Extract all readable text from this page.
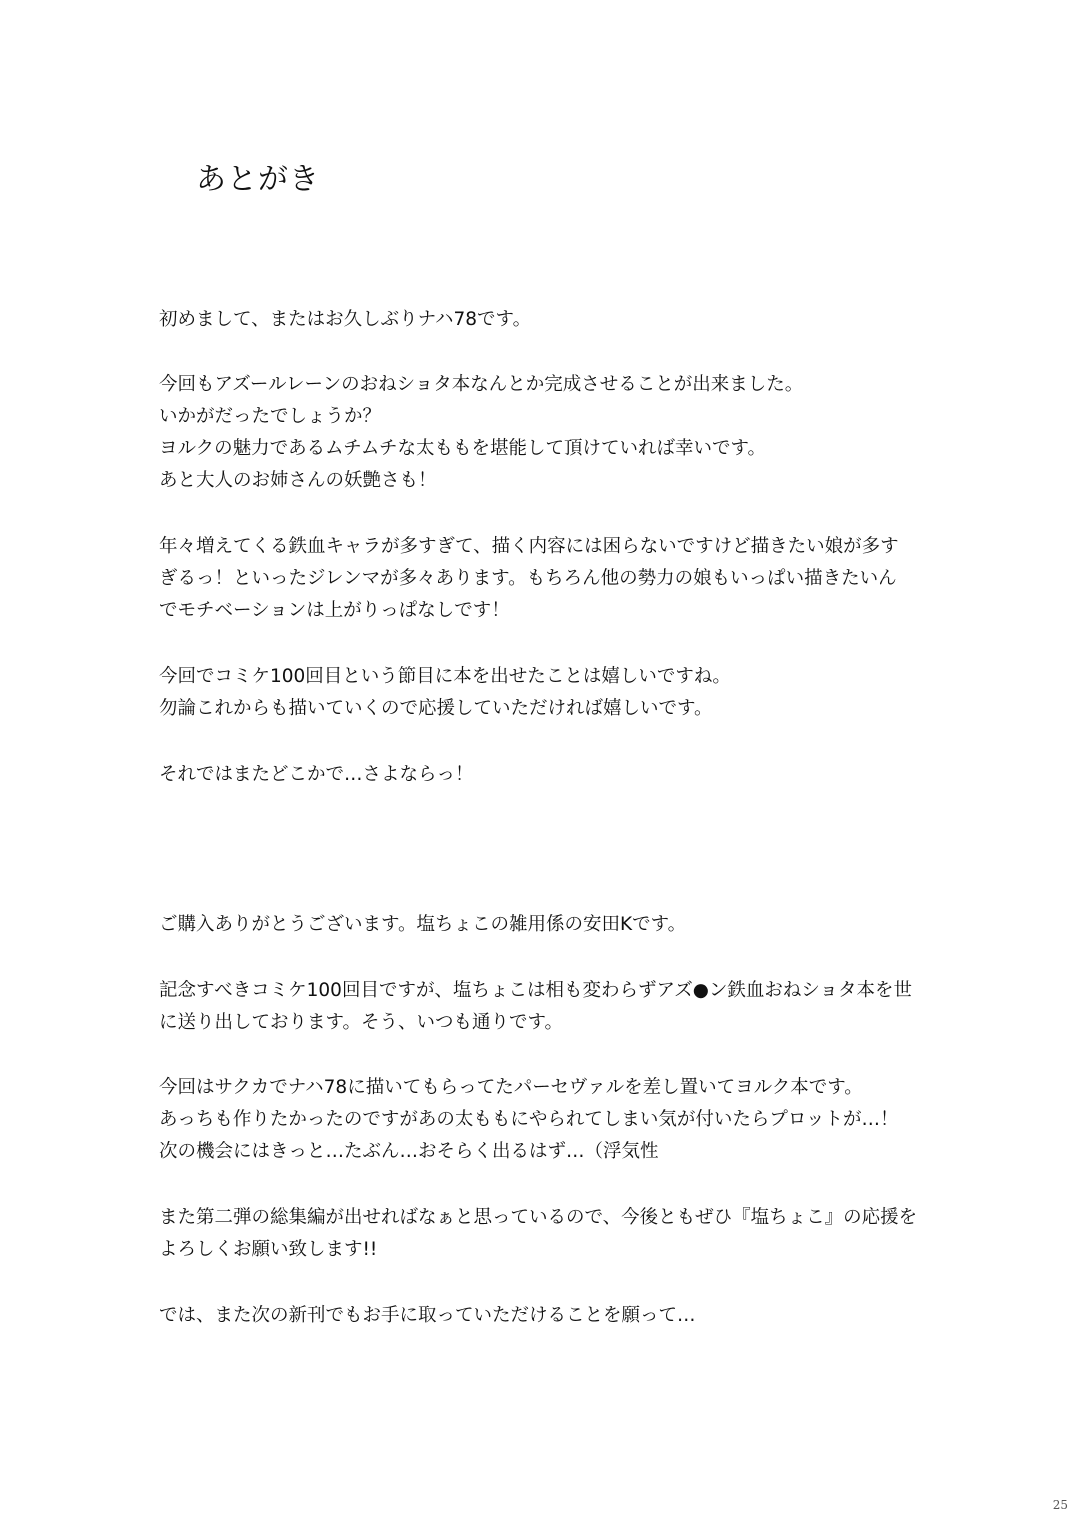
あとがき
初めまして、またはお久しぶりナハ78です。
今回もアズールレーンのおねショタ本なんとか完成させることが出来ました。
いかがだったでしょうか？
ヨルクの魅力であるムチムチな太ももを堪能して頂けていれば幸いです。
あと大人のお姉さんの妖艶さも！
年々増えてくる鉄血キャラが多すぎて、描く内容には困らないですけど描きたい娘が多す
ぎるっ！といったジレンマが多々あります。もちろん他の勢力の娘もいっぱい描きたいん
でモチベーションは上がりっぱなしです！
今回でコミケ100回目という節目に本を出せたことは嬉しいですね。
勿論これからも描いていくので応援していただければ嬉しいです。
それではまたどこかで…さよならっ！
ご購入ありがとうございます。塩ちょこの雑用係の安田Kです。
記念すべきコミケ100回目ですが、塩ちょこは相も変わらずアズ●ン鉄血おねショタ本を世
に送り出しております。そう、いつも通りです。
今回はサクカでナハ78に描いてもらってたパーセヴァルを差し置いてヨルク本です。
あっちも作りたかったのですがあの太ももにやられてしまい気が付いたらプロットが…！
次の機会にはきっと…たぶん…おそらく出るはず…（浮気性
また第二弾の総集編が出せればなぁと思っているので、今後ともぜひ『塩ちょこ』の応援を
よろしくお願い致します!!
では、また次の新刊でもお手に取っていただけることを願って…
25
